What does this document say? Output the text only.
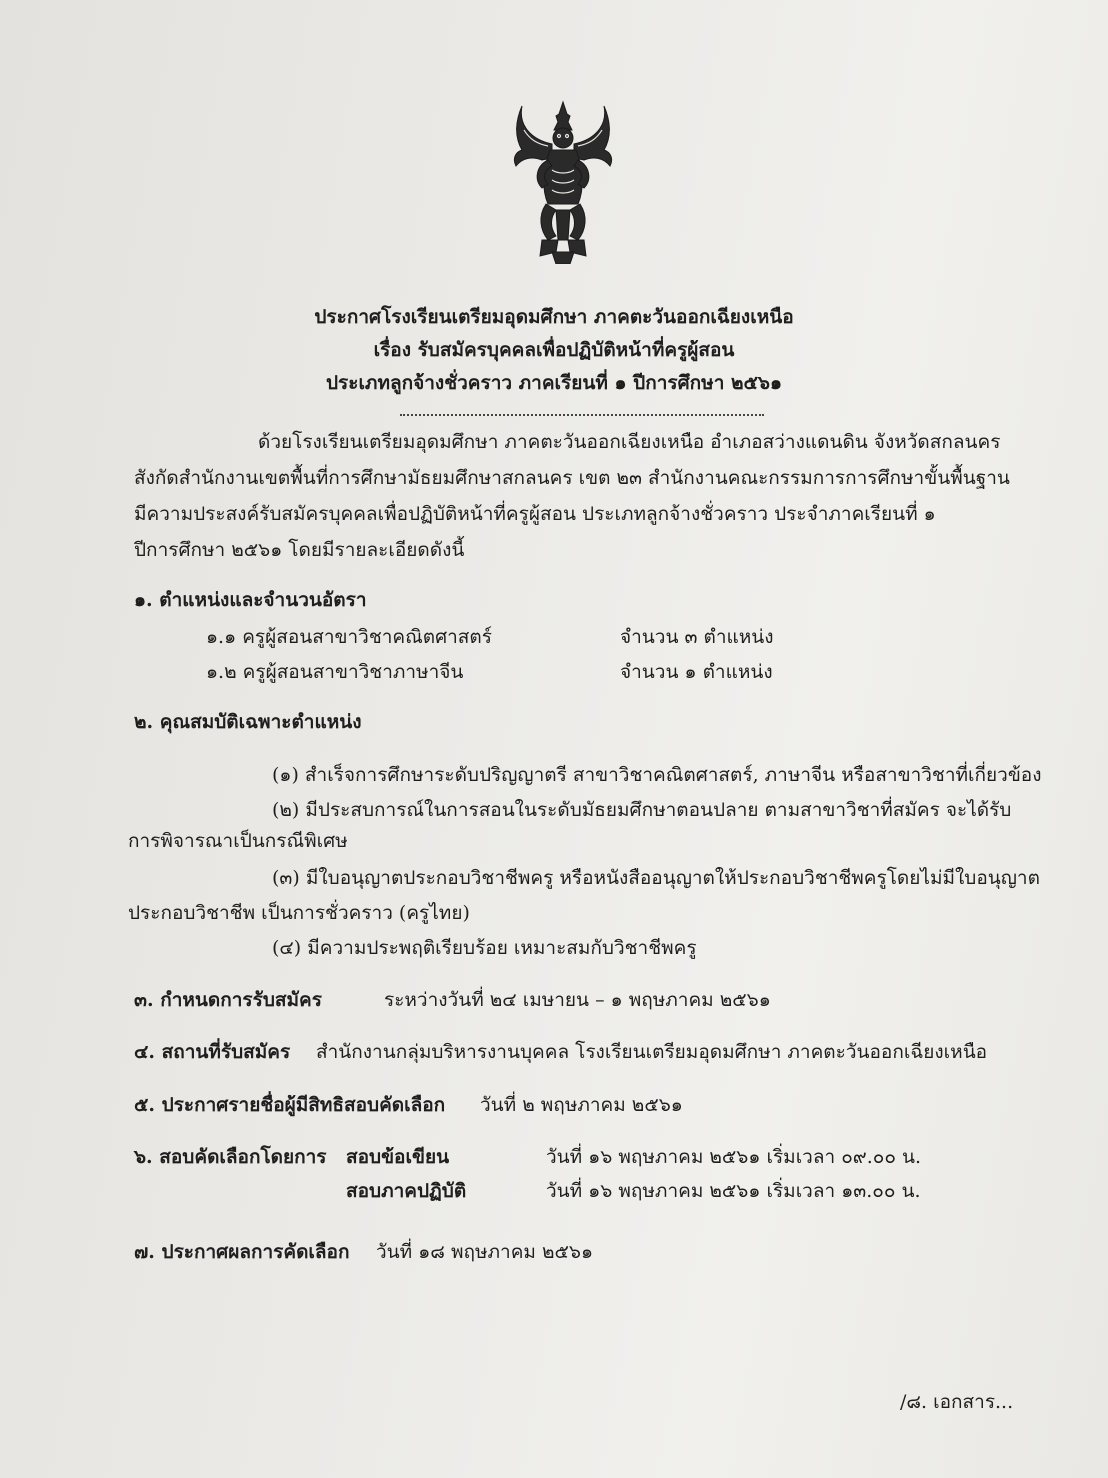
ประกาศโรงเรียนเตรียมอุดมศึกษา ภาคตะวันออกเฉียงเหนือ
เรื่อง รับสมัครบุคคลเพื่อปฏิบัติหน้าที่ครูผู้สอน
ประเภทลูกจ้างชั่วคราว ภาคเรียนที่ ๑ ปีการศึกษา ๒๕๖๑
ด้วยโรงเรียนเตรียมอุดมศึกษา ภาคตะวันออกเฉียงเหนือ อำเภอสว่างแดนดิน จังหวัดสกลนคร
สังกัดสำนักงานเขตพื้นที่การศึกษามัธยมศึกษาสกลนคร เขต ๒๓ สำนักงานคณะกรรมการการศึกษาขั้นพื้นฐาน
มีความประสงค์รับสมัครบุคคลเพื่อปฏิบัติหน้าที่ครูผู้สอน ประเภทลูกจ้างชั่วคราว ประจำภาคเรียนที่ ๑
ปีการศึกษา ๒๕๖๑ โดยมีรายละเอียดดังนี้
๑. ตำแหน่งและจำนวนอัตรา
๑.๑ ครูผู้สอนสาขาวิชาคณิตศาสตร์	จำนวน ๓ ตำแหน่ง
๑.๒ ครูผู้สอนสาขาวิชาภาษาจีน	จำนวน ๑ ตำแหน่ง
๒. คุณสมบัติเฉพาะตำแหน่ง
(๑) สำเร็จการศึกษาระดับปริญญาตรี สาขาวิชาคณิตศาสตร์, ภาษาจีน หรือสาขาวิชาที่เกี่ยวข้อง
(๒) มีประสบการณ์ในการสอนในระดับมัธยมศึกษาตอนปลาย ตามสาขาวิชาที่สมัคร จะได้รับ
การพิจารณาเป็นกรณีพิเศษ
(๓) มีใบอนุญาตประกอบวิชาชีพครู หรือหนังสืออนุญาตให้ประกอบวิชาชีพครูโดยไม่มีใบอนุญาต
ประกอบวิชาชีพ เป็นการชั่วคราว (ครูไทย)
(๔) มีความประพฤติเรียบร้อย เหมาะสมกับวิชาชีพครู
๓. กำหนดการรับสมัคร	ระหว่างวันที่ ๒๔ เมษายน – ๑ พฤษภาคม ๒๕๖๑
๔. สถานที่รับสมัคร สำนักงานกลุ่มบริหารงานบุคคล โรงเรียนเตรียมอุดมศึกษา ภาคตะวันออกเฉียงเหนือ
๕. ประกาศรายชื่อผู้มีสิทธิสอบคัดเลือก วันที่ ๒ พฤษภาคม ๒๕๖๑
๖. สอบคัดเลือกโดยการ สอบข้อเขียน	วันที่ ๑๖ พฤษภาคม ๒๕๖๑ เริ่มเวลา ๐๙.๐๐ น.
สอบภาคปฏิบัติ	วันที่ ๑๖ พฤษภาคม ๒๕๖๑ เริ่มเวลา ๑๓.๐๐ น.
๗. ประกาศผลการคัดเลือก วันที่ ๑๘ พฤษภาคม ๒๕๖๑
/๘. เอกสาร...
